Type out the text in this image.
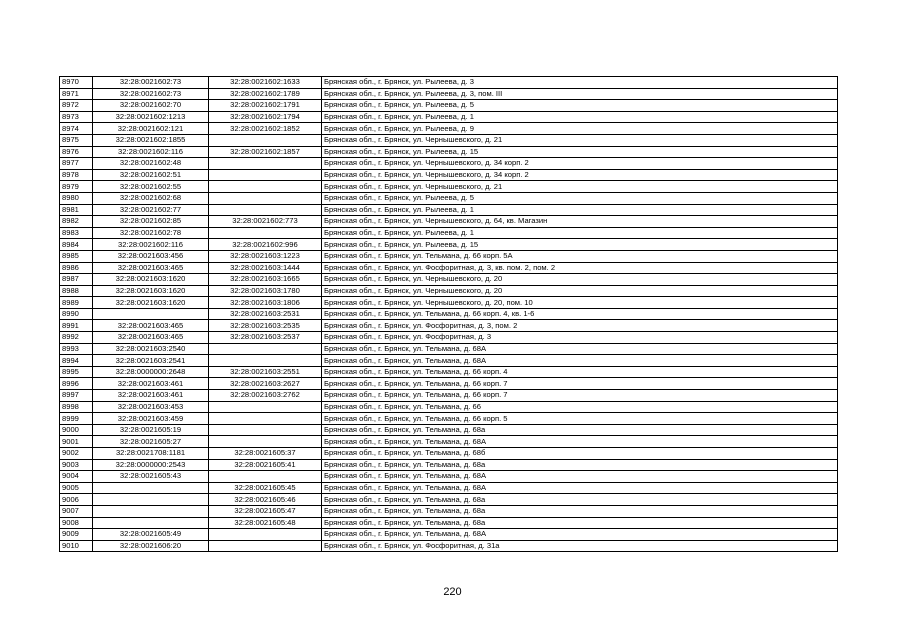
8970	32:28:0021602:73	32:28:0021602:1633	Брянская обл., г. Брянск, ул. Рылеева, д. 3
8971	32:28:0021602:73	32:28:0021602:1789	Брянская обл., г. Брянск, ул. Рылеева, д. 3, пом. III
8972	32:28:0021602:70	32:28:0021602:1791	Брянская обл., г. Брянск, ул. Рылеева, д. 5
8973	32:28:0021602:1213	32:28:0021602:1794	Брянская обл., г. Брянск, ул. Рылеева, д. 1
8974	32:28:0021602:121	32:28:0021602:1852	Брянская обл., г. Брянск, ул. Рылеева, д. 9
8975	32:28:0021602:1855		Брянская обл., г. Брянск, ул. Чернышевского, д. 21
8976	32:28:0021602:116	32:28:0021602:1857	Брянская обл., г. Брянск, ул. Рылеева, д. 15
8977	32:28:0021602:48		Брянская обл., г. Брянск, ул. Чернышевского, д. 34 корп. 2
8978	32:28:0021602:51		Брянская обл., г. Брянск, ул. Чернышевского, д. 34 корп. 2
8979	32:28:0021602:55		Брянская обл., г. Брянск, ул. Чернышевского, д. 21
8980	32:28:0021602:68		Брянская обл., г. Брянск, ул. Рылеева, д. 5
8981	32:28:0021602:77		Брянская обл., г. Брянск, ул. Рылеева, д. 1
8982	32:28:0021602:85	32:28:0021602:773	Брянская обл., г. Брянск, ул. Чернышевского, д. 64, кв. Магазин
8983	32:28:0021602:78		Брянская обл., г. Брянск, ул. Рылеева, д. 1
8984	32:28:0021602:116	32:28:0021602:996	Брянская обл., г. Брянск, ул. Рылеева, д. 15
8985	32:28:0021603:456	32:28:0021603:1223	Брянская обл., г. Брянск, ул. Тельмана, д. 66 корп. 5А
8986	32:28:0021603:465	32:28:0021603:1444	Брянская обл., г. Брянск, ул. Фосфоритная, д. 3, кв. пом. 2, пом. 2
8987	32:28:0021603:1620	32:28:0021603:1665	Брянская обл., г. Брянск, ул. Чернышевского, д. 20
8988	32:28:0021603:1620	32:28:0021603:1780	Брянская обл., г. Брянск, ул. Чернышевского, д. 20
8989	32:28:0021603:1620	32:28:0021603:1806	Брянская обл., г. Брянск, ул. Чернышевского, д. 20, пом. 10
8990		32:28:0021603:2531	Брянская обл., г. Брянск, ул. Тельмана, д. 66 корп. 4, кв. 1-6
8991	32:28:0021603:465	32:28:0021603:2535	Брянская обл., г. Брянск, ул. Фосфоритная, д. 3, пом. 2
8992	32:28:0021603:465	32:28:0021603:2537	Брянская обл., г. Брянск, ул. Фосфоритная, д. 3
8993	32:28:0021603:2540		Брянская обл., г. Брянск, ул. Тельмана, д. 68А
8994	32:28:0021603:2541		Брянская обл., г. Брянск, ул. Тельмана, д. 68А
8995	32:28:0000000:2648	32:28:0021603:2551	Брянская обл., г. Брянск, ул. Тельмана, д. 66 корп. 4
8996	32:28:0021603:461	32:28:0021603:2627	Брянская обл., г. Брянск, ул. Тельмана, д. 66 корп. 7
8997	32:28:0021603:461	32:28:0021603:2762	Брянская обл., г. Брянск, ул. Тельмана, д. 66 корп. 7
8998	32:28:0021603:453		Брянская обл., г. Брянск, ул. Тельмана, д. 66
8999	32:28:0021603:459		Брянская обл., г. Брянск, ул. Тельмана, д. 66 корп. 5
9000	32:28:0021605:19		Брянская обл., г. Брянск, ул. Тельмана, д. 68а
9001	32:28:0021605:27		Брянская обл., г. Брянск, ул. Тельмана, д. 68А
9002	32:28:0021708:1181	32:28:0021605:37	Брянская обл., г. Брянск, ул. Тельмана, д. 68б
9003	32:28:0000000:2543	32:28:0021605:41	Брянская обл., г. Брянск, ул. Тельмана, д. 68а
9004	32:28:0021605:43		Брянская обл., г. Брянск, ул. Тельмана, д. 68А
9005		32:28:0021605:45	Брянская обл., г. Брянск, ул. Тельмана, д. 68А
9006		32:28:0021605:46	Брянская обл., г. Брянск, ул. Тельмана, д. 68а
9007		32:28:0021605:47	Брянская обл., г. Брянск, ул. Тельмана, д. 68а
9008		32:28:0021605:48	Брянская обл., г. Брянск, ул. Тельмана, д. 68а
9009	32:28:0021605:49		Брянская обл., г. Брянск, ул. Тельмана, д. 68А
9010	32:28:0021606:20		Брянская обл., г. Брянск, ул. Фосфоритная, д. 31а
220
